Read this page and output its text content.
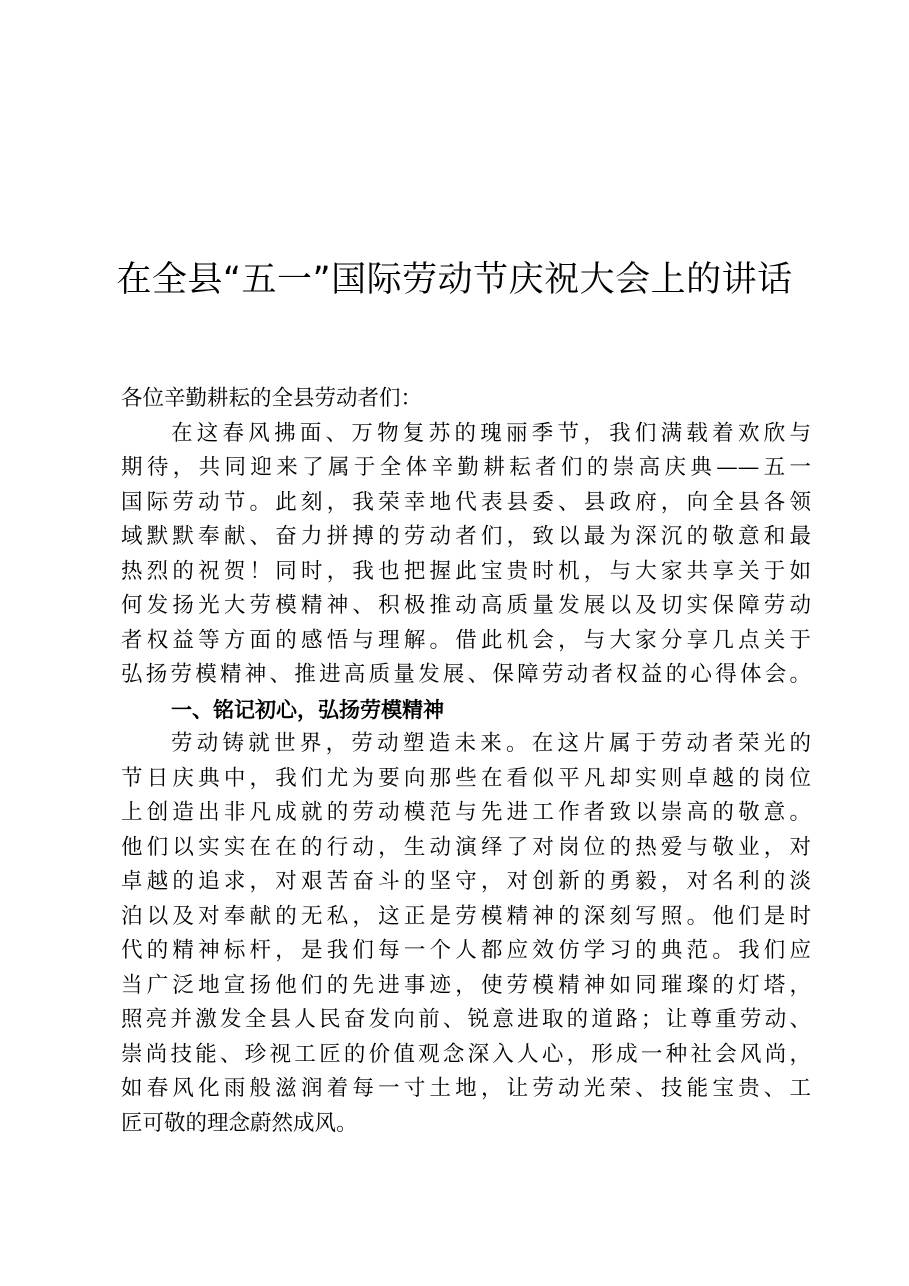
在全县“五一”国际劳动节庆祝大会上的讲话
各位辛勤耕耘的全县劳动者们：
在这春风拂面、万物复苏的瑰丽季节，我们满载着欢欣与
期待，共同迎来了属于全体辛勤耕耘者们的崇高庆典——五一
国际劳动节。此刻，我荣幸地代表县委、县政府，向全县各领
域默默奉献、奋力拼搏的劳动者们，致以最为深沉的敬意和最
热烈的祝贺！同时，我也把握此宝贵时机，与大家共享关于如
何发扬光大劳模精神、积极推动高质量发展以及切实保障劳动
者权益等方面的感悟与理解。借此机会，与大家分享几点关于
弘扬劳模精神、推进高质量发展、保障劳动者权益的心得体会。
一、铭记初心，弘扬劳模精神
劳动铸就世界，劳动塑造未来。在这片属于劳动者荣光的
节日庆典中，我们尤为要向那些在看似平凡却实则卓越的岗位
上创造出非凡成就的劳动模范与先进工作者致以崇高的敬意。
他们以实实在在的行动，生动演绎了对岗位的热爱与敬业，对
卓越的追求，对艰苦奋斗的坚守，对创新的勇毅，对名利的淡
泊以及对奉献的无私，这正是劳模精神的深刻写照。他们是时
代的精神标杆，是我们每一个人都应效仿学习的典范。我们应
当广泛地宣扬他们的先进事迹，使劳模精神如同璀璨的灯塔，
照亮并激发全县人民奋发向前、锐意进取的道路；让尊重劳动、
崇尚技能、珍视工匠的价值观念深入人心，形成一种社会风尚，
如春风化雨般滋润着每一寸土地，让劳动光荣、技能宝贵、工
匠可敬的理念蔚然成风。
